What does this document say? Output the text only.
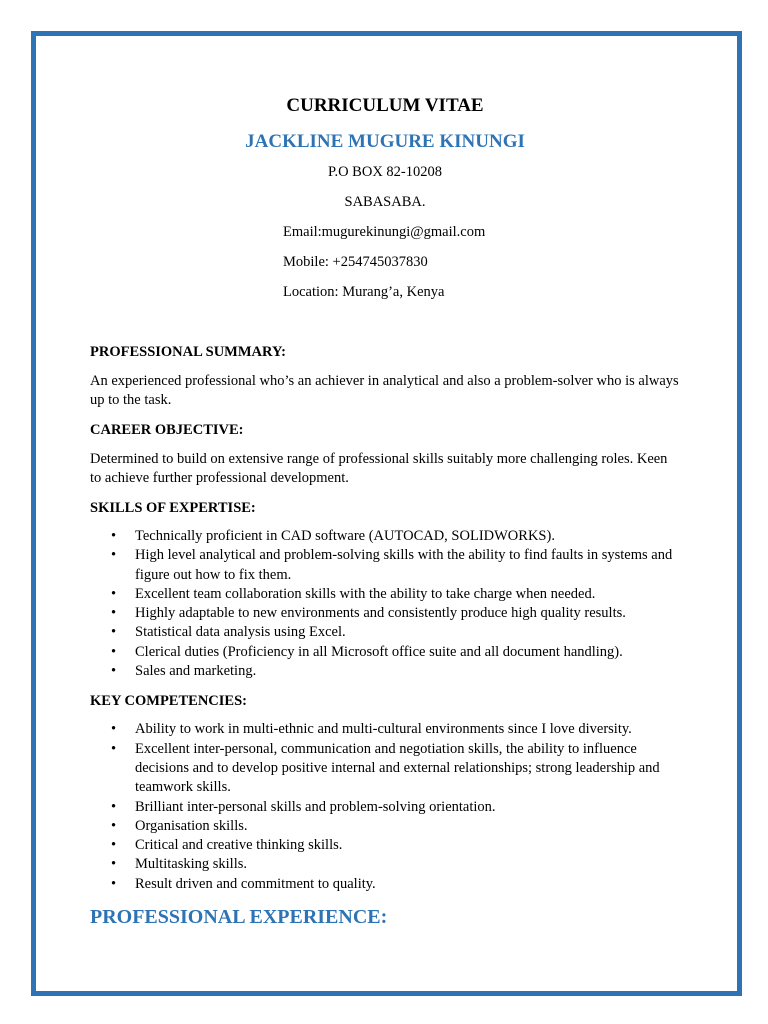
CURRICULUM VITAE
JACKLINE MUGURE KINUNGI

P.O BOX 82-10208

SABASABA.

Email:mugurekinungi@gmail.com

Mobile: +254745037830

Location: Murang’a, Kenya

PROFESSIONAL SUMMARY:

An experienced professional who’s an achiever in analytical and also a problem-solver who is always up to the task.

CAREER OBJECTIVE:

Determined to build on extensive range of professional skills suitably more challenging roles. Keen to achieve further professional development.

SKILLS OF EXPERTISE:

• Technically proficient in CAD software (AUTOCAD, SOLIDWORKS).
• High level analytical and problem-solving skills with the ability to find faults in systems and figure out how to fix them.
• Excellent team collaboration skills with the ability to take charge when needed.
• Highly adaptable to new environments and consistently produce high quality results.
• Statistical data analysis using Excel.
• Clerical duties (Proficiency in all Microsoft office suite and all document handling).
• Sales and marketing.

KEY COMPETENCIES:

• Ability to work in multi-ethnic and multi-cultural environments since I love diversity.
• Excellent inter-personal, communication and negotiation skills, the ability to influence decisions and to develop positive internal and external relationships; strong leadership and teamwork skills.
• Brilliant inter-personal skills and problem-solving orientation.
• Organisation skills.
• Critical and creative thinking skills.
• Multitasking skills.
• Result driven and commitment to quality.
PROFESSIONAL EXPERIENCE:
